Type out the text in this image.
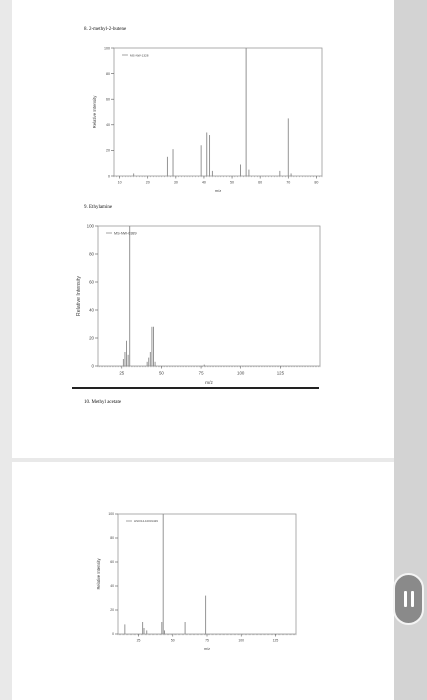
8. 2-methyl-2-butene
9. Ethylamine
10. Methyl acetate
0
20
40
60
80
100
10	20	30	40	50	60	70	80
MS-NW-1328
m/z
Relative Intensity
0
20
40
60
80
100
25	50	75	100	125
MS-NW-0389
m/z
Relative Intensity
0
20
40
60
80
100
25	50	75	100	125
HSCI14-10031429
m/z
Relative Intensity
